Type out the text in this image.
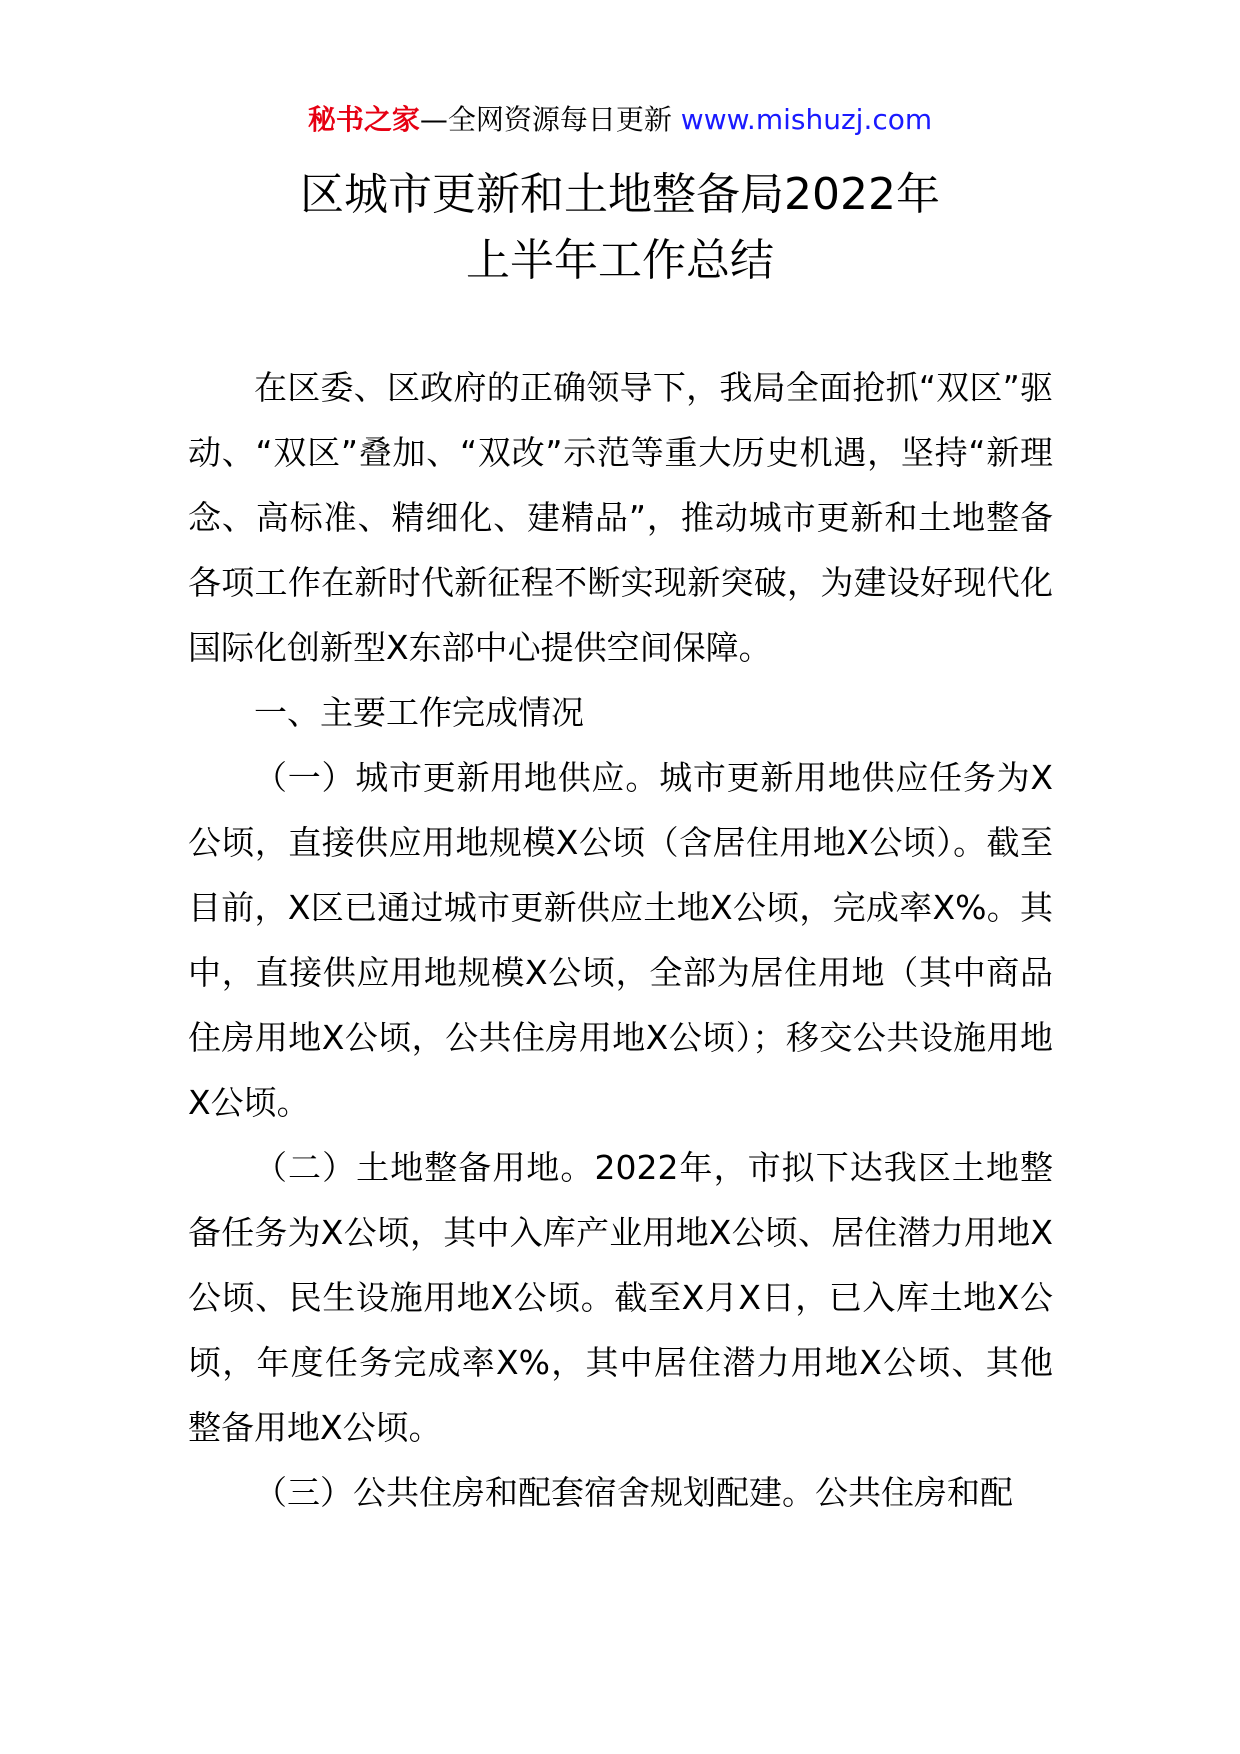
秘书之家—全网资源每日更新 www.mishuzj.com
区城市更新和土地整备局2022年
上半年工作总结

在区委、区政府的正确领导下，我局全面抢抓“双区”驱动、“双区”叠加、“双改”示范等重大历史机遇，坚持“新理念、高标准、精细化、建精品”，推动城市更新和土地整备各项工作在新时代新征程不断实现新突破，为建设好现代化国际化创新型X东部中心提供空间保障。

一、主要工作完成情况

（一）城市更新用地供应。城市更新用地供应任务为X公顷，直接供应用地规模X公顷（含居住用地X公顷）。截至目前，X区已通过城市更新供应土地X公顷，完成率X%。其中，直接供应用地规模X公顷，全部为居住用地（其中商品住房用地X公顷，公共住房用地X公顷）；移交公共设施用地X公顷。

（二）土地整备用地。2022年，市拟下达我区土地整备任务为X公顷，其中入库产业用地X公顷、居住潜力用地X公顷、民生设施用地X公顷。截至X月X日，已入库土地X公顷，年度任务完成率X%，其中居住潜力用地X公顷、其他整备用地X公顷。

（三）公共住房和配套宿舍规划配建。公共住房和配
